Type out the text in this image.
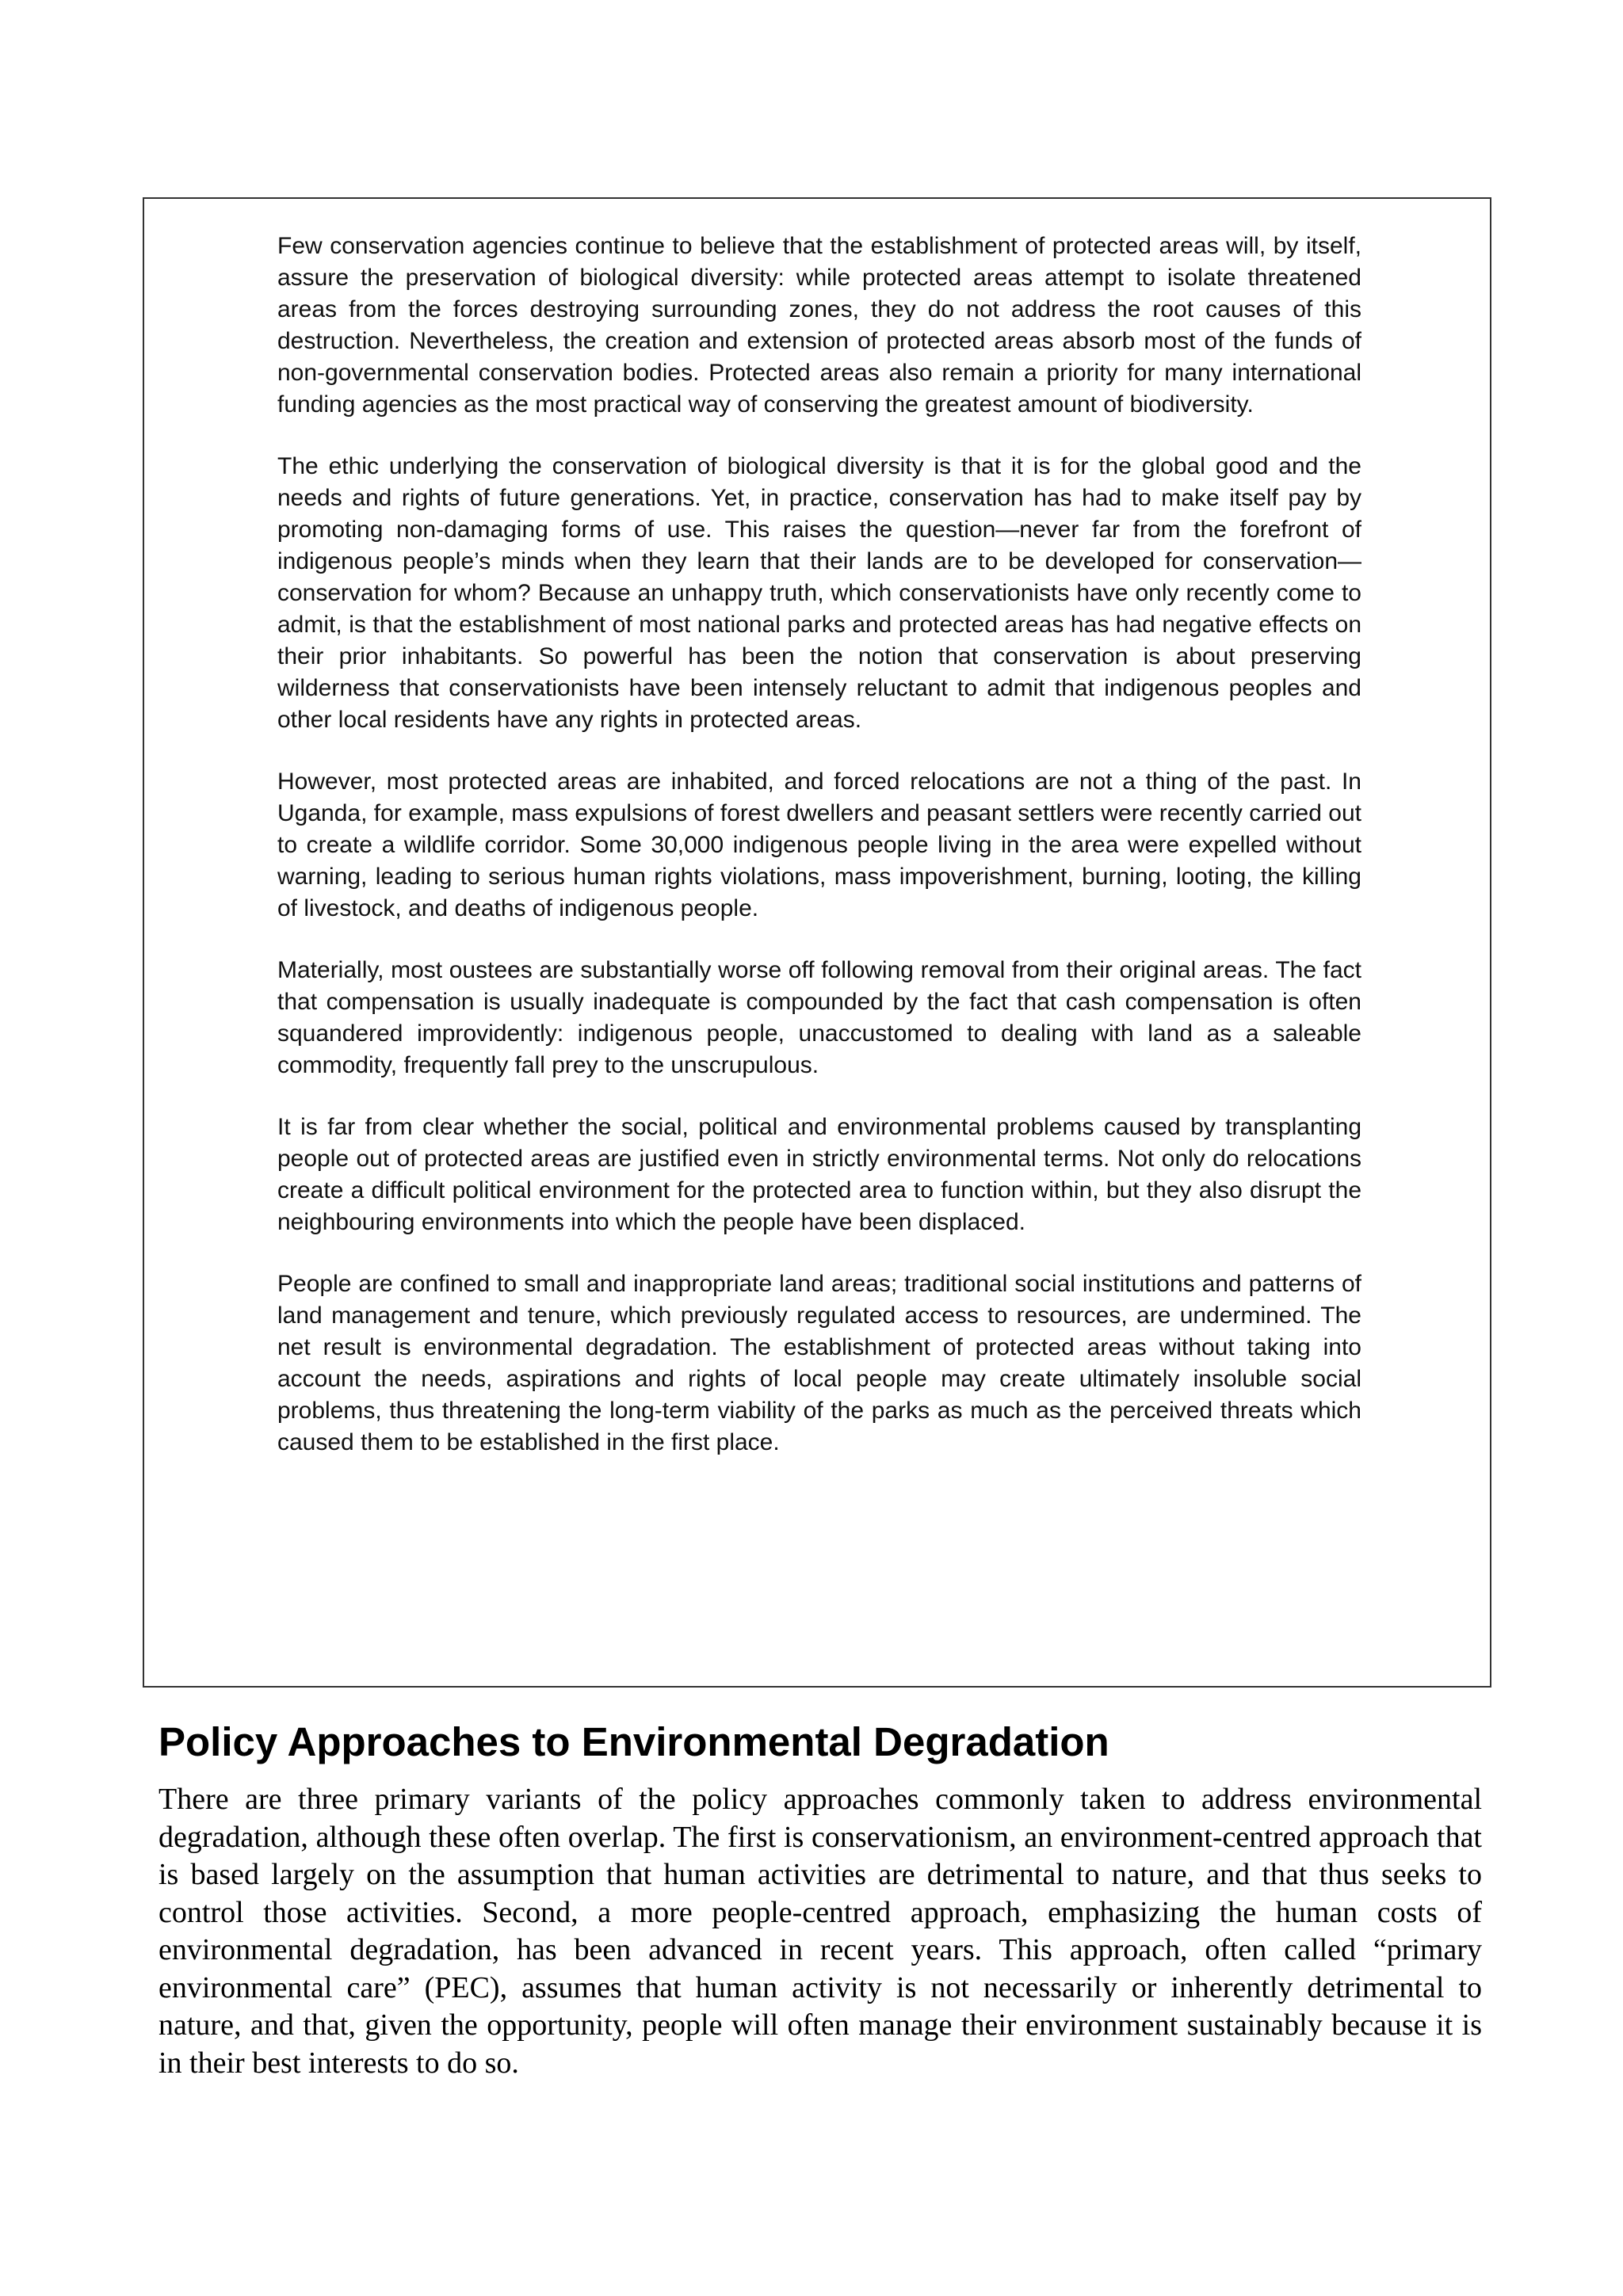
Few conservation agencies continue to believe that the establishment of protected areas will, by itself, assure the preservation of biological diversity: while protected areas attempt to isolate threatened areas from the forces destroying surrounding zones, they do not address the root causes of this destruction. Nevertheless, the creation and extension of protected areas absorb most of the funds of non-governmental conservation bodies. Protected areas also remain a priority for many international funding agencies as the most practical way of conserving the greatest amount of biodiversity.

The ethic underlying the conservation of biological diversity is that it is for the global good and the needs and rights of future generations. Yet, in practice, conservation has had to make itself pay by promoting non-damaging forms of use. This raises the question—never far from the forefront of indigenous people’s minds when they learn that their lands are to be developed for conservation—conservation for whom? Because an unhappy truth, which conservationists have only recently come to admit, is that the establishment of most national parks and protected areas has had negative effects on their prior inhabitants. So powerful has been the notion that conservation is about preserving wilderness that conservationists have been intensely reluctant to admit that indigenous peoples and other local residents have any rights in protected areas.

However, most protected areas are inhabited, and forced relocations are not a thing of the past. In Uganda, for example, mass expulsions of forest dwellers and peasant settlers were recently carried out to create a wildlife corridor. Some 30,000 indigenous people living in the area were expelled without warning, leading to serious human rights violations, mass impoverishment, burning, looting, the killing of livestock, and deaths of indigenous people.

Materially, most oustees are substantially worse off following removal from their original areas. The fact that compensation is usually inadequate is compounded by the fact that cash compensation is often squandered improvidently: indigenous people, unaccustomed to dealing with land as a saleable commodity, frequently fall prey to the unscrupulous.

It is far from clear whether the social, political and environmental problems caused by transplanting people out of protected areas are justified even in strictly environmental terms. Not only do relocations create a difficult political environment for the protected area to function within, but they also disrupt the neighbouring environments into which the people have been displaced.

People are confined to small and inappropriate land areas; traditional social institutions and patterns of land management and tenure, which previously regulated access to resources, are undermined. The net result is environmental degradation. The establishment of protected areas without taking into account the needs, aspirations and rights of local people may create ultimately insoluble social problems, thus threatening the long-term viability of the parks as much as the perceived threats which caused them to be established in the first place.

Policy Approaches to Environmental Degradation

There are three primary variants of the policy approaches commonly taken to address environmental degradation, although these often overlap. The first is conservationism, an environment-centred approach that is based largely on the assumption that human activities are detrimental to nature, and that thus seeks to control those activities. Second, a more people-centred approach, emphasizing the human costs of environmental degradation, has been advanced in recent years. This approach, often called “primary environmental care” (PEC), assumes that human activity is not necessarily or inherently detrimental to nature, and that, given the opportunity, people will often manage their environment sustainably because it is in their best interests to do so.
